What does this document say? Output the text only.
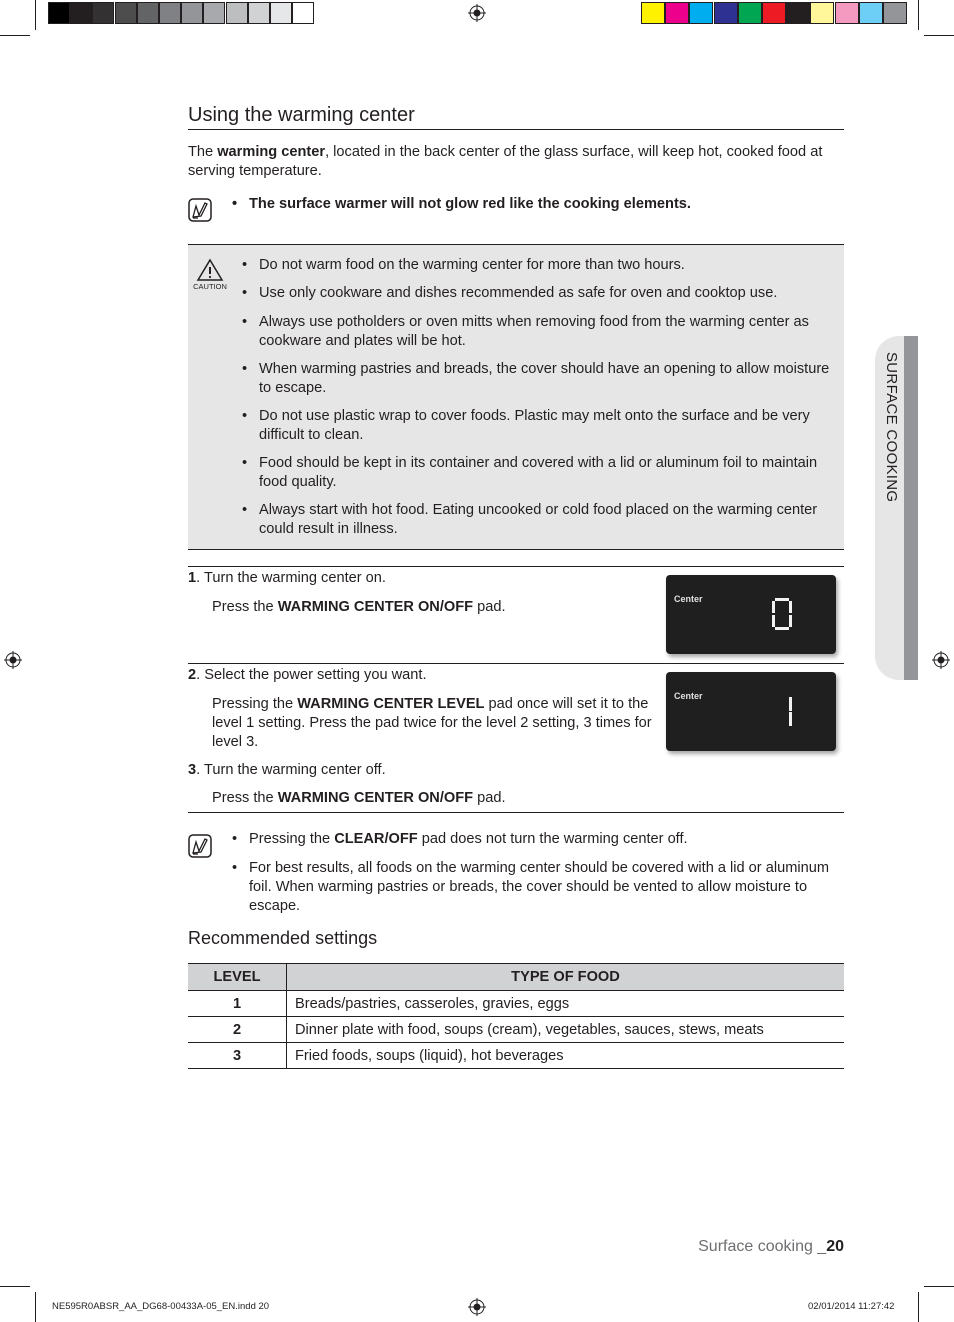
Using the warming center
The warming center, located in the back center of the glass surface, will keep hot, cooked food at serving temperature.
• The surface warmer will not glow red like the cooking elements.
CAUTION
• Do not warm food on the warming center for more than two hours.
• Use only cookware and dishes recommended as safe for oven and cooktop use.
• Always use potholders or oven mitts when removing food from the warming center as cookware and plates will be hot.
• When warming pastries and breads, the cover should have an opening to allow moisture to escape.
• Do not use plastic wrap to cover foods. Plastic may melt onto the surface and be very difficult to clean.
• Food should be kept in its container and covered with a lid or aluminum foil to maintain food quality.
• Always start with hot food. Eating uncooked or cold food placed on the warming center could result in illness.
1. Turn the warming center on.
Press the WARMING CENTER ON/OFF pad.	Center
2. Select the power setting you want.
Pressing the WARMING CENTER LEVEL pad once will set it to the level 1 setting. Press the pad twice for the level 2 setting, 3 times for level 3.
Center
3. Turn the warming center off.
Press the WARMING CENTER ON/OFF pad.
• Pressing the CLEAR/OFF pad does not turn the warming center off.
• For best results, all foods on the warming center should be covered with a lid or aluminum foil. When warming pastries or breads, the cover should be vented to allow moisture to escape.
Recommended settings
LEVEL	TYPE OF FOOD
1	Breads/pastries, casseroles, gravies, eggs
2	Dinner plate with food, soups (cream), vegetables, sauces, stews, meats
3	Fried foods, soups (liquid), hot beverages
SURFACE COOKING
Surface cooking _20
NE595R0ABSR_AA_DG68-00433A-05_EN.indd 20	02/01/2014 11:27:42
